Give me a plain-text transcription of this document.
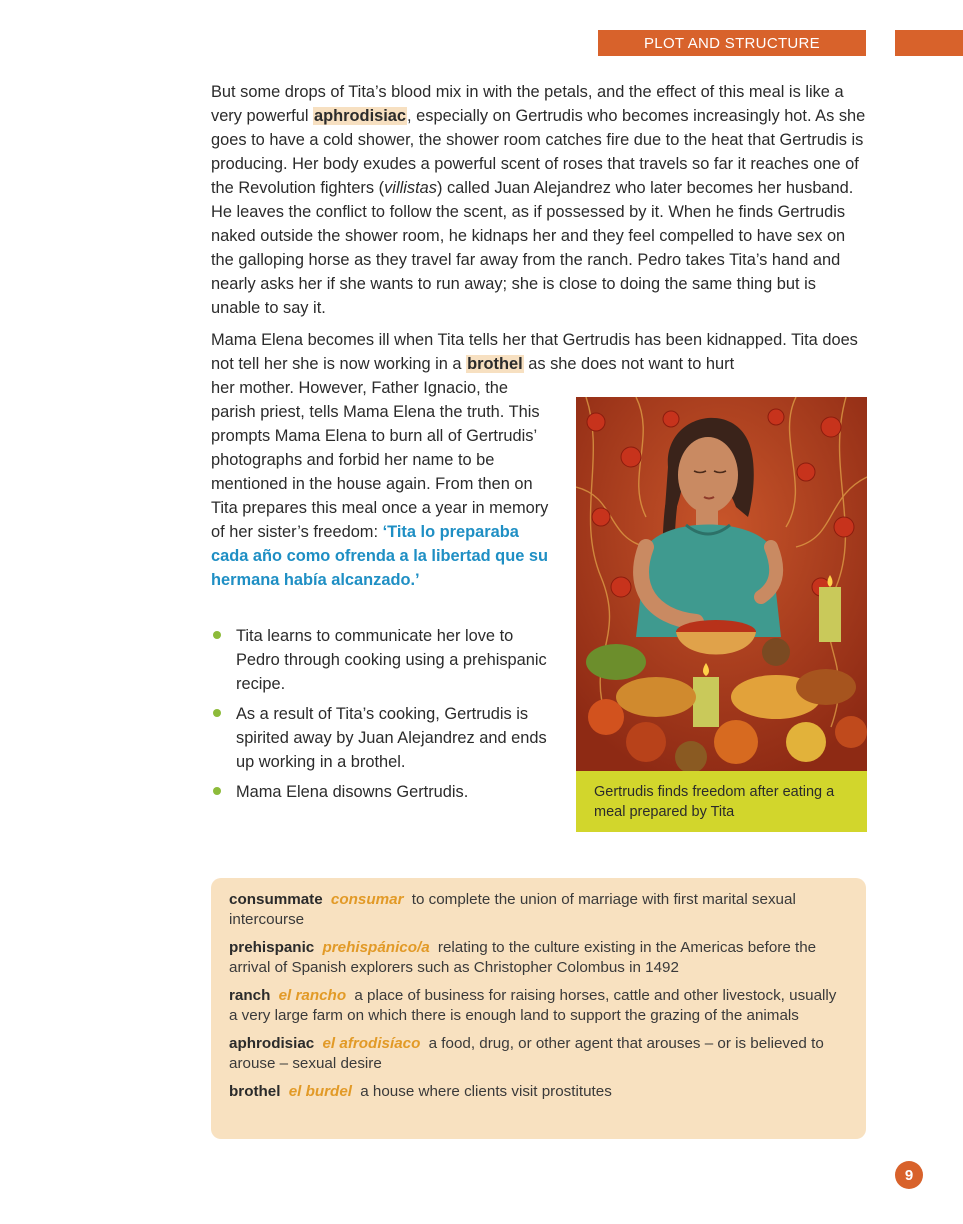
PLOT AND STRUCTURE

But some drops of Tita’s blood mix in with the petals, and the effect of this meal is like a very powerful aphrodisiac, especially on Gertrudis who becomes increasingly hot. As she goes to have a cold shower, the shower room catches fire due to the heat that Gertrudis is producing. Her body exudes a powerful scent of roses that travels so far it reaches one of the Revolution fighters (villistas) called Juan Alejandrez who later becomes her husband. He leaves the conflict to follow the scent, as if possessed by it. When he finds Gertrudis naked outside the shower room, he kidnaps her and they feel compelled to have sex on the galloping horse as they travel far away from the ranch. Pedro takes Tita’s hand and nearly asks her if she wants to run away; she is close to doing the same thing but is unable to say it.

Mama Elena becomes ill when Tita tells her that Gertrudis has been kidnapped. Tita does not tell her she is now working in a brothel as she does not want to hurt

her mother. However, Father Ignacio, the parish priest, tells Mama Elena the truth. This prompts Mama Elena to burn all of Gertrudis’ photographs and forbid her name to be mentioned in the house again. From then on Tita prepares this meal once a year in memory of her sister’s freedom: ‘Tita lo preparaba cada año como ofrenda a la libertad que su hermana había alcanzado.’
Tita learns to communicate her love to Pedro through cooking using a prehispanic recipe.
As a result of Tita’s cooking, Gertrudis is spirited away by Juan Alejandrez and ends up working in a brothel.
Mama Elena disowns Gertrudis.	Gertrudis finds freedom after eating a meal prepared by Tita
consummate consumar to complete the union of marriage with first marital sexual intercourse
prehispanic prehispánico/a relating to the culture existing in the Americas before the arrival of Spanish explorers such as Christopher Colombus in 1492
ranch el rancho a place of business for raising horses, cattle and other livestock, usually a very large farm on which there is enough land to support the grazing of the animals
aphrodisiac el afrodisíaco a food, drug, or other agent that arouses – or is believed to arouse – sexual desire
brothel el burdel a house where clients visit prostitutes
9
